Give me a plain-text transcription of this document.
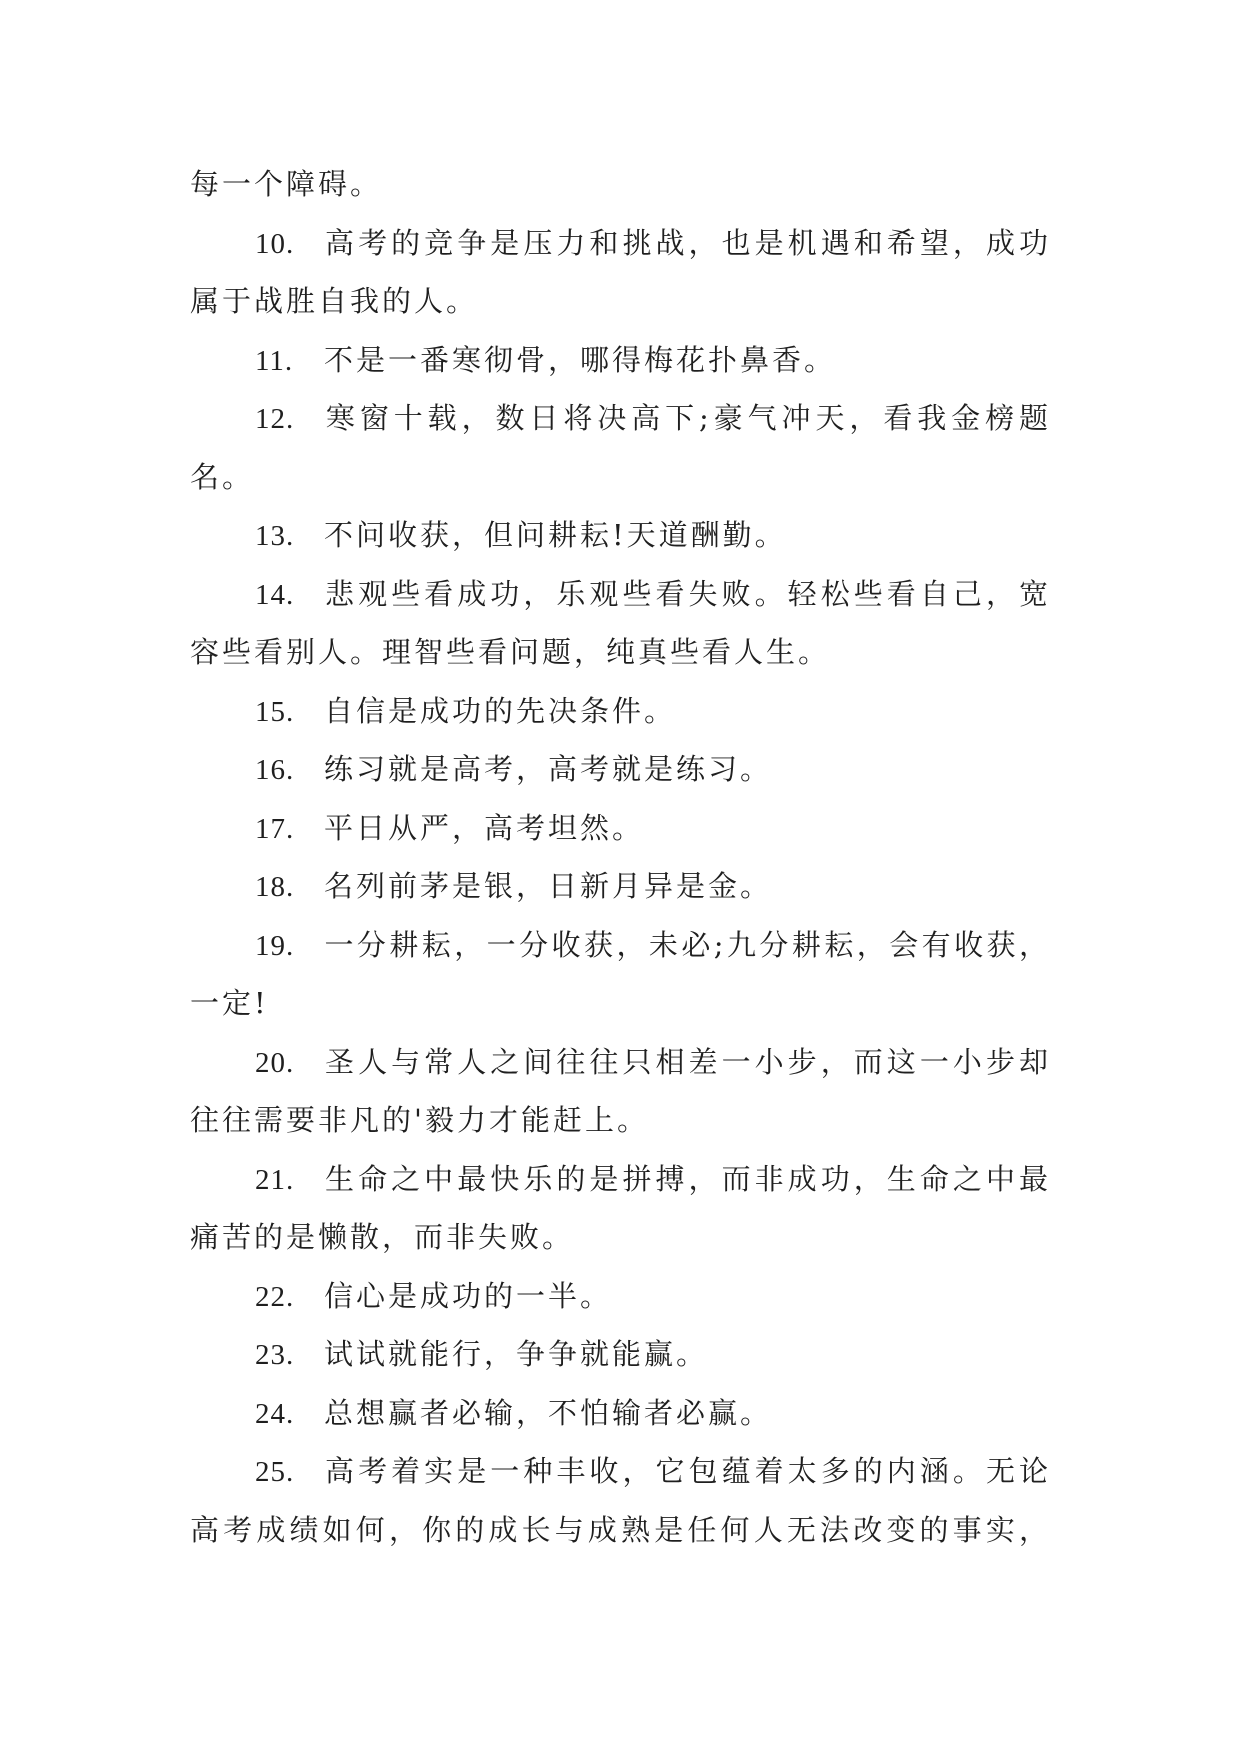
每一个障碍。
10. 高考的竞争是压力和挑战，也是机遇和希望，成功
属于战胜自我的人。
11. 不是一番寒彻骨，哪得梅花扑鼻香。
12. 寒窗十载，数日将决高下;豪气冲天，看我金榜题
名。
13. 不问收获，但问耕耘!天道酬勤。
14. 悲观些看成功，乐观些看失败。轻松些看自己，宽
容些看别人。理智些看问题，纯真些看人生。
15. 自信是成功的先决条件。
16. 练习就是高考，高考就是练习。
17. 平日从严，高考坦然。
18. 名列前茅是银，日新月异是金。
19. 一分耕耘，一分收获，未必;九分耕耘，会有收获，
一定!
20. 圣人与常人之间往往只相差一小步，而这一小步却
往往需要非凡的'毅力才能赶上。
21. 生命之中最快乐的是拼搏，而非成功，生命之中最
痛苦的是懒散，而非失败。
22. 信心是成功的一半。
23. 试试就能行，争争就能赢。
24. 总想赢者必输，不怕输者必赢。
25. 高考着实是一种丰收，它包蕴着太多的内涵。无论
高考成绩如何，你的成长与成熟是任何人无法改变的事实，
